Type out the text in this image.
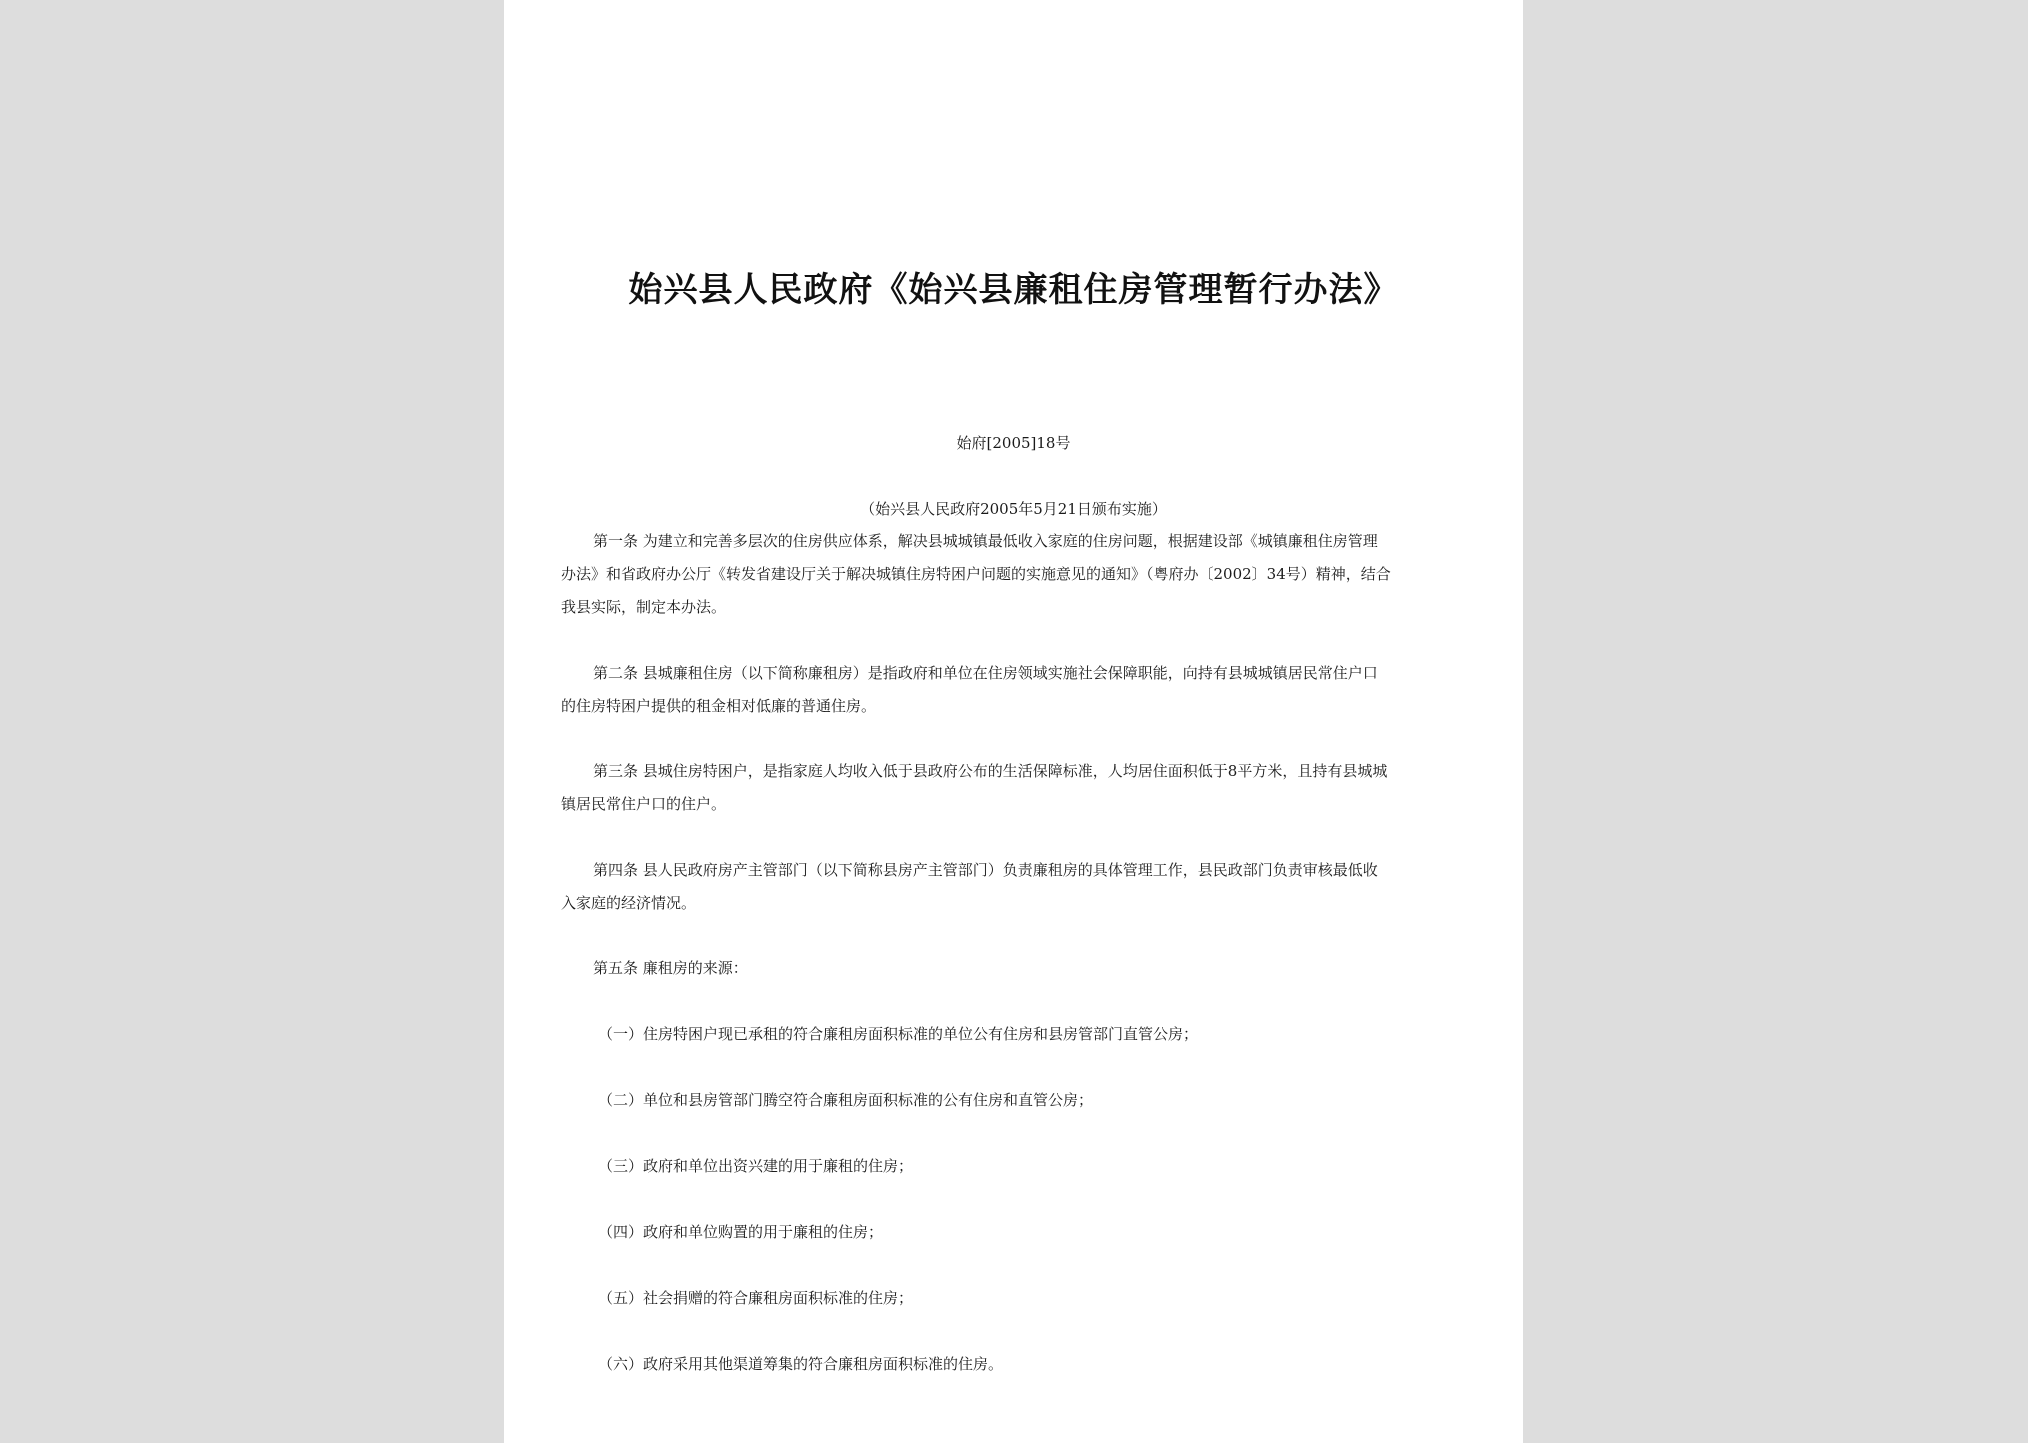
始兴县人民政府《始兴县廉租住房管理暂行办法》
始府[2005]18号
（始兴县人民政府2005年5月21日颁布实施）
第一条 为建立和完善多层次的住房供应体系，解决县城城镇最低收入家庭的住房问题，根据建设部《城镇廉租住房管理
办法》和省政府办公厅《转发省建设厅关于解决城镇住房特困户问题的实施意见的通知》（粤府办〔2002〕34号）精神，结合
我县实际，制定本办法。
第二条 县城廉租住房（以下简称廉租房）是指政府和单位在住房领域实施社会保障职能，向持有县城城镇居民常住户口
的住房特困户提供的租金相对低廉的普通住房。
第三条 县城住房特困户，是指家庭人均收入低于县政府公布的生活保障标准，人均居住面积低于8平方米，且持有县城城
镇居民常住户口的住户。
第四条 县人民政府房产主管部门（以下简称县房产主管部门）负责廉租房的具体管理工作，县民政部门负责审核最低收
入家庭的经济情况。
第五条 廉租房的来源：
（一）住房特困户现已承租的符合廉租房面积标准的单位公有住房和县房管部门直管公房；
（二）单位和县房管部门腾空符合廉租房面积标准的公有住房和直管公房；
（三）政府和单位出资兴建的用于廉租的住房；
（四）政府和单位购置的用于廉租的住房；
（五）社会捐赠的符合廉租房面积标准的住房；
（六）政府采用其他渠道筹集的符合廉租房面积标准的住房。
